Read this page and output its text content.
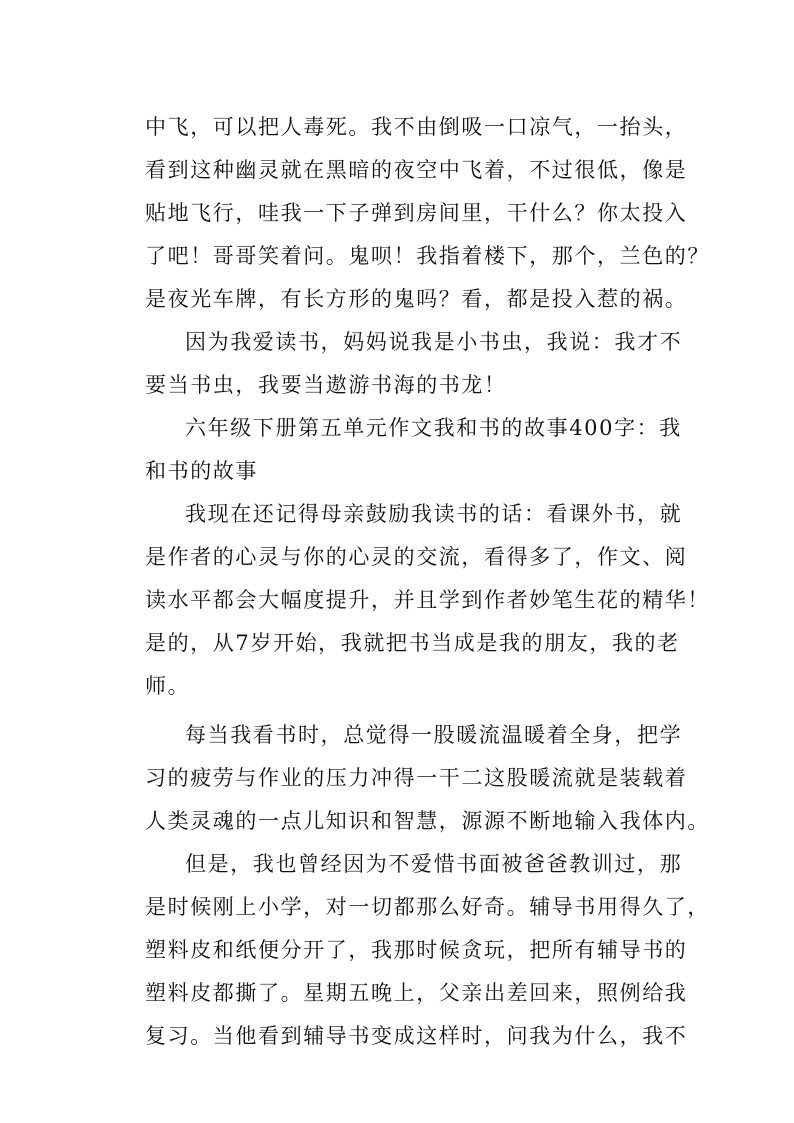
中飞，可以把人毒死。我不由倒吸一口凉气，一抬头，
看到这种幽灵就在黑暗的夜空中飞着，不过很低，像是
贴地飞行，哇我一下子弹到房间里，干什么？你太投入
了吧！哥哥笑着问。鬼呗！我指着楼下，那个，兰色的？
是夜光车牌，有长方形的鬼吗？看，都是投入惹的祸。
因为我爱读书，妈妈说我是小书虫，我说：我才不
要当书虫，我要当遨游书海的书龙！
六年级下册第五单元作文我和书的故事400字：我
和书的故事
我现在还记得母亲鼓励我读书的话：看课外书，就
是作者的心灵与你的心灵的交流，看得多了，作文、阅
读水平都会大幅度提升，并且学到作者妙笔生花的精华！
是的，从7岁开始，我就把书当成是我的朋友，我的老
师。
每当我看书时，总觉得一股暖流温暖着全身，把学
习的疲劳与作业的压力冲得一干二这股暖流就是装载着
人类灵魂的一点儿知识和智慧，源源不断地输入我体内。
但是，我也曾经因为不爱惜书面被爸爸教训过，那
是时候刚上小学，对一切都那么好奇。辅导书用得久了，
塑料皮和纸便分开了，我那时候贪玩，把所有辅导书的
塑料皮都撕了。星期五晚上，父亲出差回来，照例给我
复习。当他看到辅导书变成这样时，问我为什么，我不
